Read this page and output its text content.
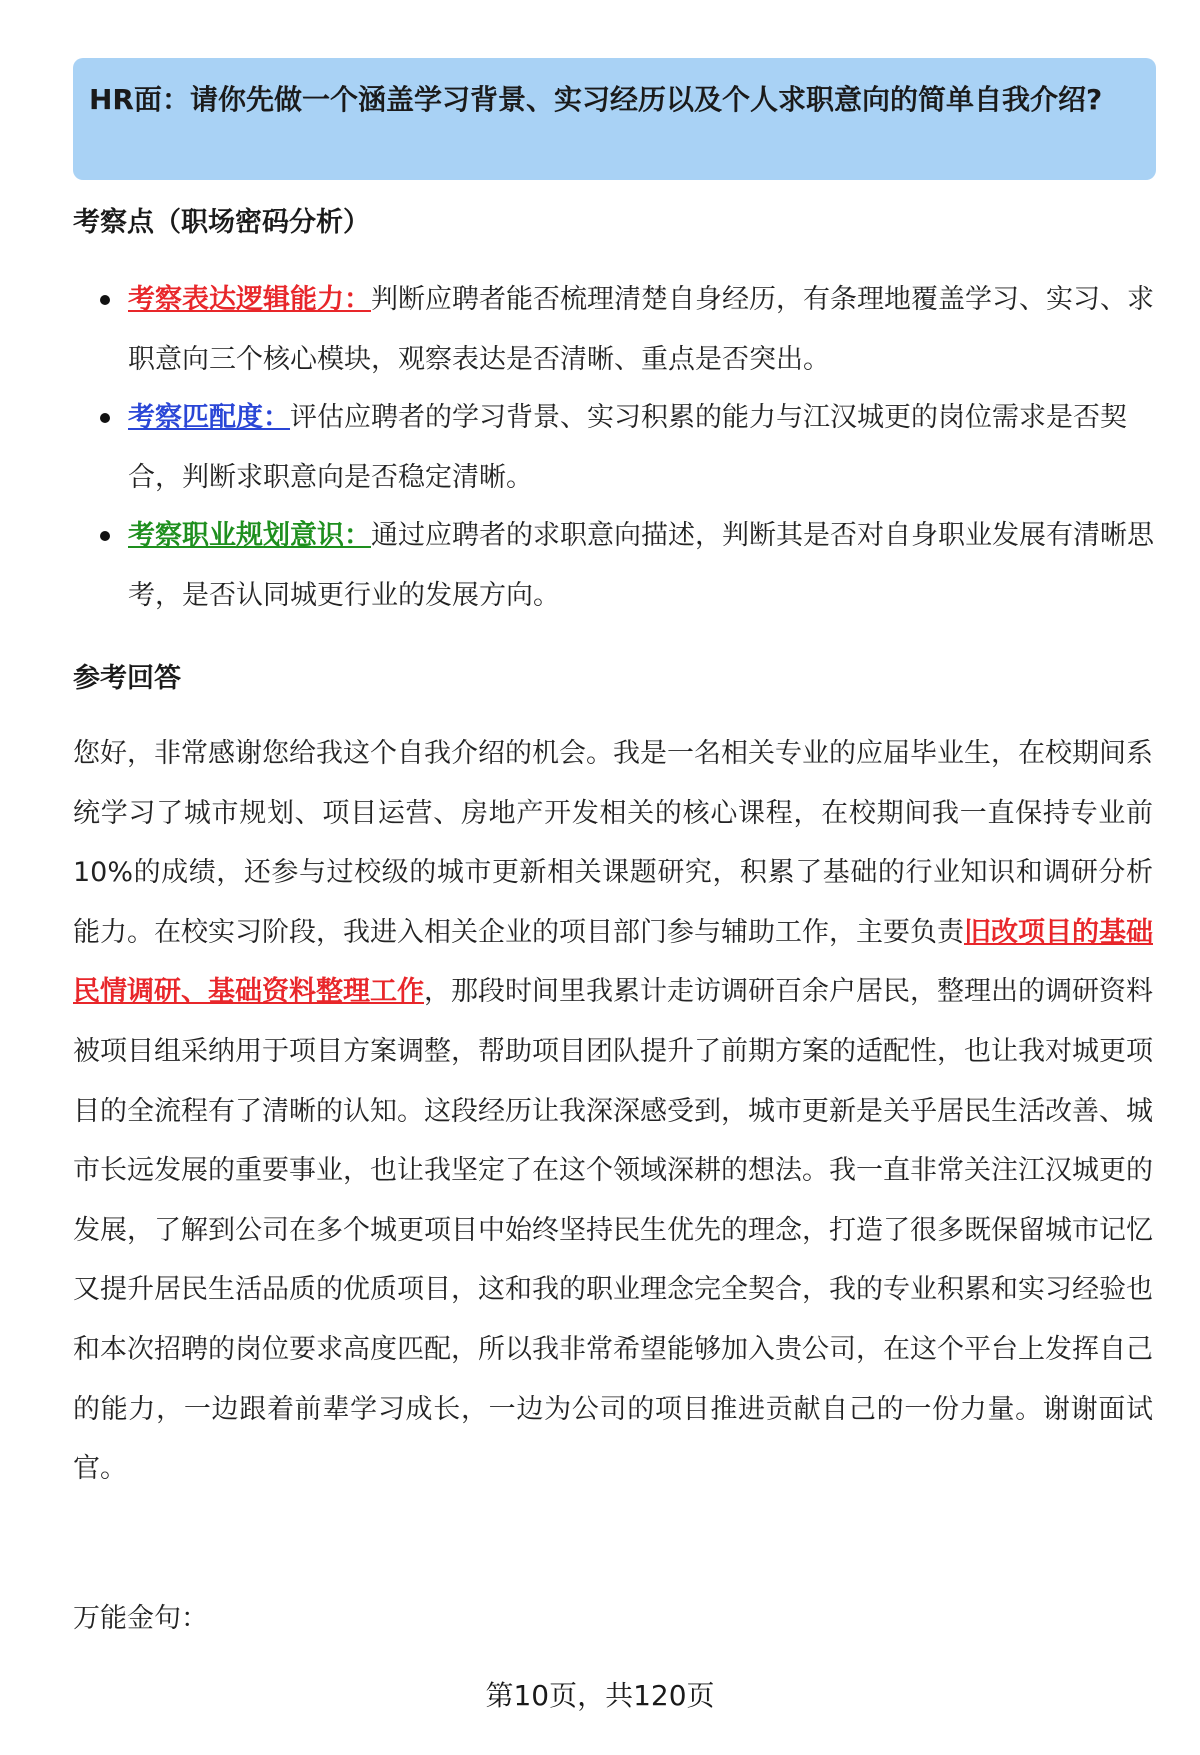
HR面：请你先做一个涵盖学习背景、实习经历以及个人求职意向的简单自我介绍?
考察点（职场密码分析）
考察表达逻辑能力：判断应聘者能否梳理清楚自身经历，有条理地覆盖学习、实习、求职意向三个核心模块，观察表达是否清晰、重点是否突出。
考察匹配度：评估应聘者的学习背景、实习积累的能力与江汉城更的岗位需求是否契合，判断求职意向是否稳定清晰。
考察职业规划意识：通过应聘者的求职意向描述，判断其是否对自身职业发展有清晰思考，是否认同城更行业的发展方向。
参考回答
您好，非常感谢您给我这个自我介绍的机会。我是一名相关专业的应届毕业生，在校期间系统学习了城市规划、项目运营、房地产开发相关的核心课程，在校期间我一直保持专业前10%的成绩，还参与过校级的城市更新相关课题研究，积累了基础的行业知识和调研分析能力。在校实习阶段，我进入相关企业的项目部门参与辅助工作，主要负责旧改项目的基础民情调研、基础资料整理工作，那段时间里我累计走访调研百余户居民，整理出的调研资料被项目组采纳用于项目方案调整，帮助项目团队提升了前期方案的适配性，也让我对城更项目的全流程有了清晰的认知。这段经历让我深深感受到，城市更新是关乎居民生活改善、城市长远发展的重要事业，也让我坚定了在这个领域深耕的想法。我一直非常关注江汉城更的发展，了解到公司在多个城更项目中始终坚持民生优先的理念，打造了很多既保留城市记忆又提升居民生活品质的优质项目，这和我的职业理念完全契合，我的专业积累和实习经验也和本次招聘的岗位要求高度匹配，所以我非常希望能够加入贵公司，在这个平台上发挥自己的能力，一边跟着前辈学习成长，一边为公司的项目推进贡献自己的一份力量。谢谢面试官。
万能金句：
第10页，共120页
